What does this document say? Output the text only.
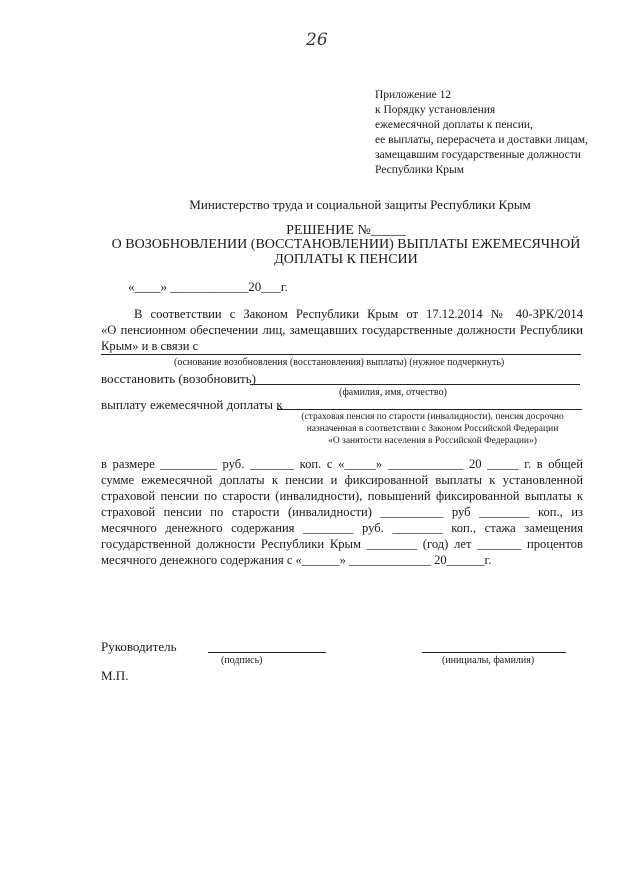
26
Приложение 12
к Порядку установления
ежемесячной доплаты к пенсии,
ее выплаты, перерасчета и доставки лицам,
замещавшим государственные должности
Республики Крым
Министерство труда и социальной защиты Республики Крым
РЕШЕНИЕ №_____
О ВОЗОБНОВЛЕНИИ (ВОССТАНОВЛЕНИИ) ВЫПЛАТЫ ЕЖЕМЕСЯЧНОЙ
ДОПЛАТЫ К ПЕНСИИ
«____» ____________20___г.
В соответствии с Законом Республики Крым от 17.12.2014 № 40-ЗРК/2014
«О пенсионном обеспечении лиц, замещавших государственные должности Республики
Крым» и в связи с
(основание возобновления (восстановления) выплаты) (нужное подчеркнуть)
восстановить (возобновить)
(фамилия, имя, отчество)
выплату ежемесячной доплаты к
(страховая пенсия по старости (инвалидности), пенсия досрочно
назначенная в соответствии с Законом Российской Федерации
«О занятости населения в Российской Федерации»)
в размере _________ руб. _______ коп. с «_____» ____________ 20 _____ г. в общей
сумме ежемесячной доплаты к пенсии и фиксированной выплаты к установленной
страховой пенсии по старости (инвалидности), повышений фиксированной выплаты к
страховой пенсии по старости (инвалидности) __________ руб ________ коп., из
месячного денежного содержания ________ руб. ________ коп., стажа замещения
государственной должности Республики Крым ________ (год) лет _______ процентов
месячного денежного содержания с «______» _____________ 20______г.
Руководитель
(подпись)	(инициалы, фамилия)
М.П.
